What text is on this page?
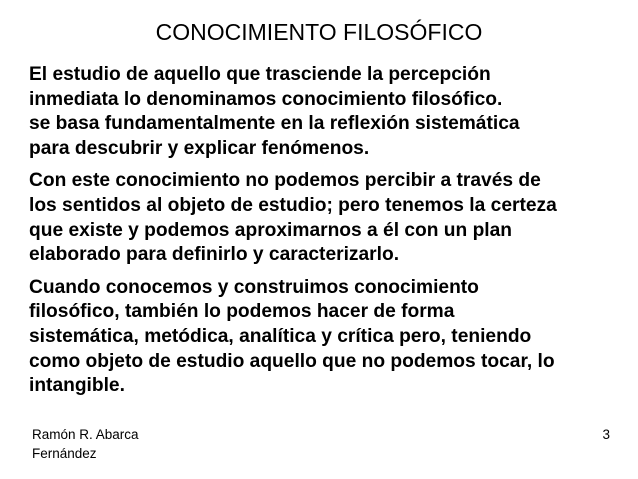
CONOCIMIENTO FILOSÓFICO

El estudio de aquello que trasciende la percepción
inmediata lo denominamos conocimiento filosófico.
se basa fundamentalmente en la reflexión sistemática
para descubrir y explicar fenómenos.

Con este conocimiento no podemos percibir a través de
los sentidos al objeto de estudio; pero tenemos la certeza
que existe y podemos aproximarnos a él con un plan
elaborado para definirlo y caracterizarlo.

Cuando conocemos y construimos conocimiento
filosófico, también lo podemos hacer de forma
sistemática, metódica, analítica y crítica pero, teniendo
como objeto de estudio aquello que no podemos tocar, lo
intangible.

Ramón R. Abarca
Fernández
3
